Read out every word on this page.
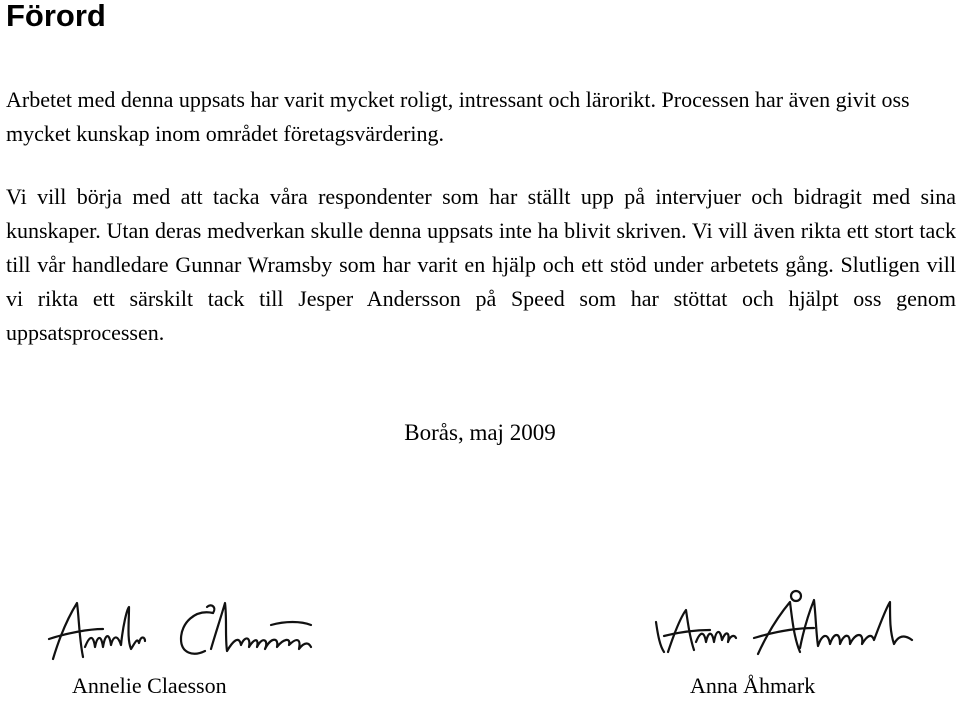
Förord

Arbetet med denna uppsats har varit mycket roligt, intressant och lärorikt. Processen har även givit oss mycket kunskap inom området företagsvärdering.

Vi vill börja med att tacka våra respondenter som har ställt upp på intervjuer och bidragit med sina kunskaper. Utan deras medverkan skulle denna uppsats inte ha blivit skriven. Vi vill även rikta ett stort tack till vår handledare Gunnar Wramsby som har varit en hjälp och ett stöd under arbetets gång. Slutligen vill vi rikta ett särskilt tack till Jesper Andersson på Speed som har stöttat och hjälpt oss genom uppsatsprocessen.

Borås, maj 2009
Annelie Claesson	Anna Åhmark
